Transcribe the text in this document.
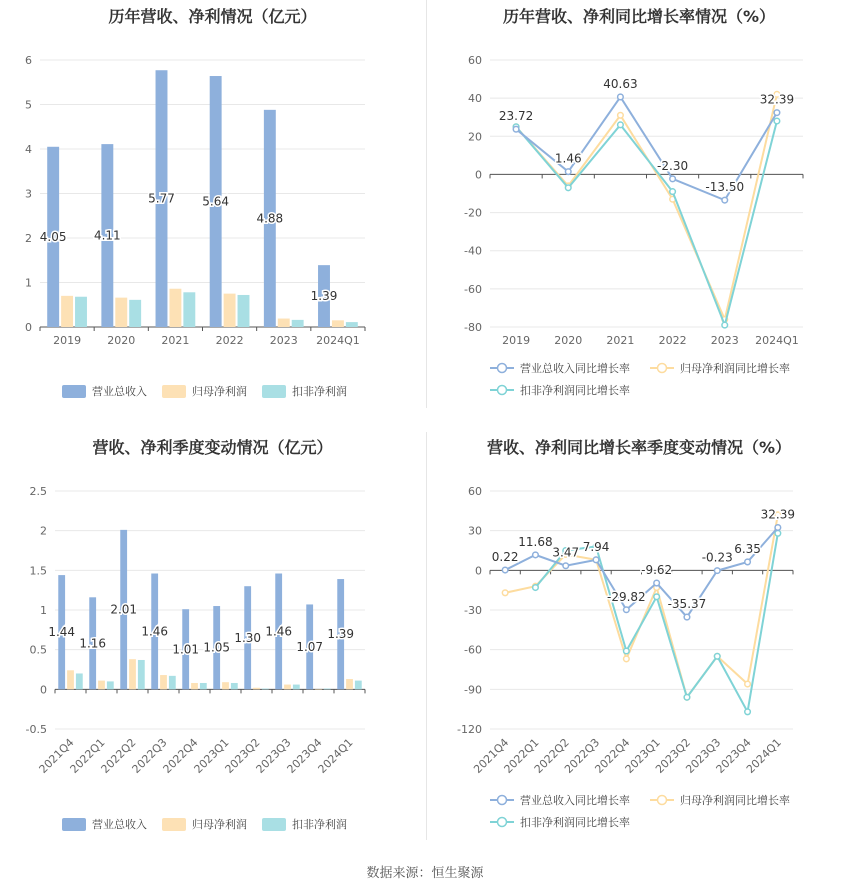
历年营收、净利情况（亿元）
0
1
2
3
4
5
6
2019 2020 2021 2022 2023 2024Q1
4.05 4.11
5.77 5.64
4.88
1.39
营业总收入	归母净利润	扣非净利润
历年营收、净利同比增长率情况（%）
-80
-60
-40
-20
0
20
40
60
2019 2020 2021 2022 2023 2024Q1
23.72
1.46
40.63
-2.30
-13.50
32.39
营业总收入同比增长率	归母净利润同比增长率
扣非净利润同比增长率
营收、净利季度变动情况（亿元）
-0.5
0
0.5
1
1.5
2
2.5
2021Q4
2022Q1
2022Q2
2022Q3
2022Q4
2023Q1
2023Q2
2023Q3
2023Q4
2024Q1
1.44
1.16
2.01
1.46
1.01 1.05
1.30 1.46
1.07
1.39
营业总收入	归母净利润	扣非净利润
营收、净利同比增长率季度变动情况（%）
-120
-90
-60
-30
0
30
60
2021Q4
2022Q1
2022Q2
2022Q3
2022Q4
2023Q1
2023Q2
2023Q3
2023Q4
2024Q1
0.22
11.68
3.47 7.94
-29.82
-9.62
-35.37
-0.23
6.35
32.39
营业总收入同比增长率	归母净利润同比增长率
扣非净利润同比增长率
数据来源：恒生聚源
